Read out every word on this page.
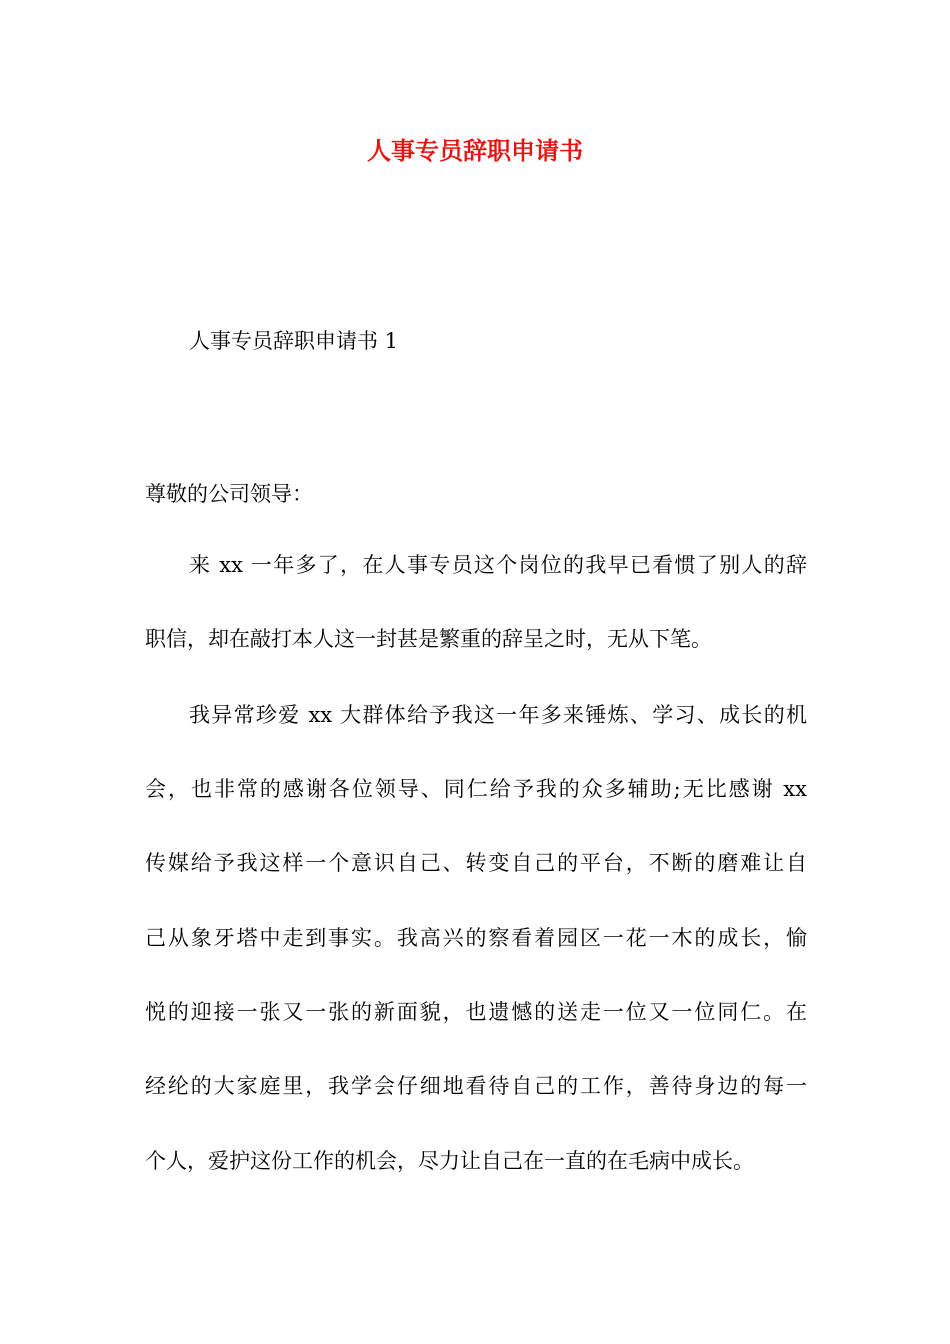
人事专员辞职申请书
人事专员辞职申请书 1
尊敬的公司领导：
来 xx 一年多了，在人事专员这个岗位的我早已看惯了别人的辞
职信，却在敲打本人这一封甚是繁重的辞呈之时，无从下笔。
我异常珍爱 xx 大群体给予我这一年多来锤炼、学习、成长的机
会，也非常的感谢各位领导、同仁给予我的众多辅助;无比感谢 xx
传媒给予我这样一个意识自己、转变自己的平台，不断的磨难让自
己从象牙塔中走到事实。我高兴的察看着园区一花一木的成长，愉
悦的迎接一张又一张的新面貌，也遗憾的送走一位又一位同仁。在
经纶的大家庭里，我学会仔细地看待自己的工作，善待身边的每一
个人，爱护这份工作的机会，尽力让自己在一直的在毛病中成长。
